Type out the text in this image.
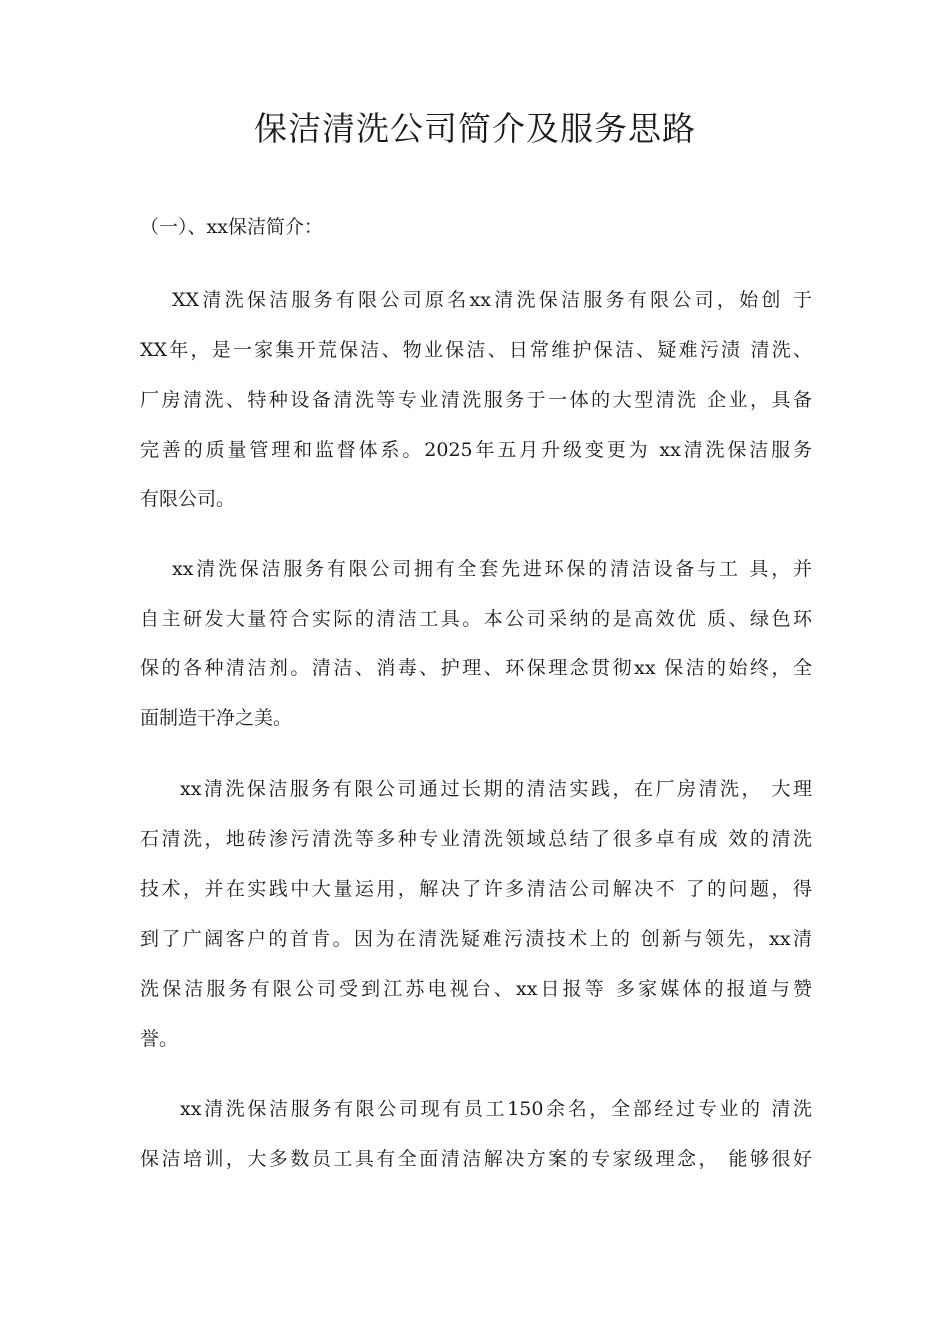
保洁清洗公司简介及服务思路
（一）、xx保洁简介：
XX清洗保洁服务有限公司原名xx清洗保洁服务有限公司，始创 于
XX年，是一家集开荒保洁、物业保洁、日常维护保洁、疑难污渍 清洗、
厂房清洗、特种设备清洗等专业清洗服务于一体的大型清洗 企业，具备
完善的质量管理和监督体系。2025年五月升级变更为 xx清洗保洁服务
有限公司。
xx清洗保洁服务有限公司拥有全套先进环保的清洁设备与工 具，并
自主研发大量符合实际的清洁工具。本公司采纳的是高效优 质、绿色环
保的各种清洁剂。清洁、消毒、护理、环保理念贯彻xx 保洁的始终，全
面制造干净之美。
xx清洗保洁服务有限公司通过长期的清洁实践，在厂房清洗， 大理
石清洗，地砖渗污清洗等多种专业清洗领域总结了很多卓有成 效的清洗
技术，并在实践中大量运用，解决了许多清洁公司解决不 了的问题，得
到了广阔客户的首肯。因为在清洗疑难污渍技术上的 创新与领先，xx清
洗保洁服务有限公司受到江苏电视台、xx日报等 多家媒体的报道与赞
誉。
xx清洗保洁服务有限公司现有员工150余名，全部经过专业的 清洗
保洁培训，大多数员工具有全面清洁解决方案的专家级理念， 能够很好
